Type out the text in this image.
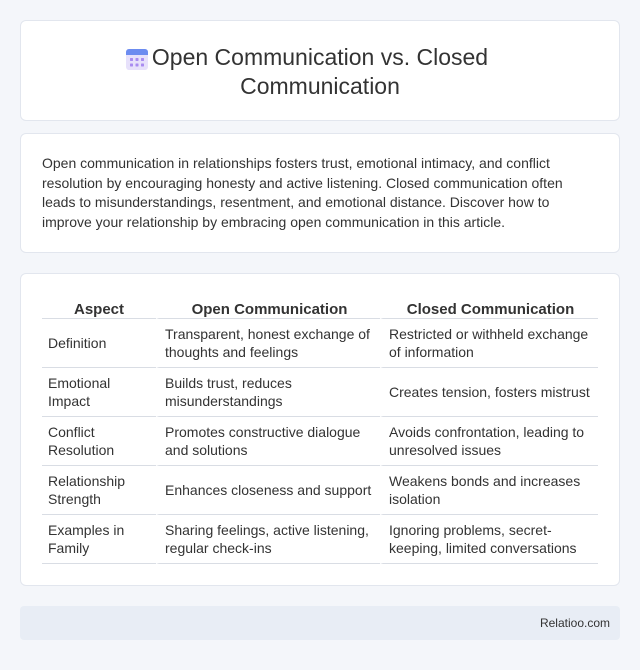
Open Communication vs. Closed Communication

Open communication in relationships fosters trust, emotional intimacy, and conflict resolution by encouraging honesty and active listening. Closed communication often leads to misunderstandings, resentment, and emotional distance. Discover how to improve your relationship by embracing open communication in this article.

Aspect	Open Communication	Closed Communication
Definition	Transparent, honest exchange of thoughts and feelings	Restricted or withheld exchange of information
Emotional Impact	Builds trust, reduces misunderstandings	Creates tension, fosters mistrust
Conflict Resolution	Promotes constructive dialogue and solutions	Avoids confrontation, leading to unresolved issues
Relationship Strength	Enhances closeness and support	Weakens bonds and increases isolation
Examples in Family	Sharing feelings, active listening, regular check-ins	Ignoring problems, secret-keeping, limited conversations
Relatioo.com
